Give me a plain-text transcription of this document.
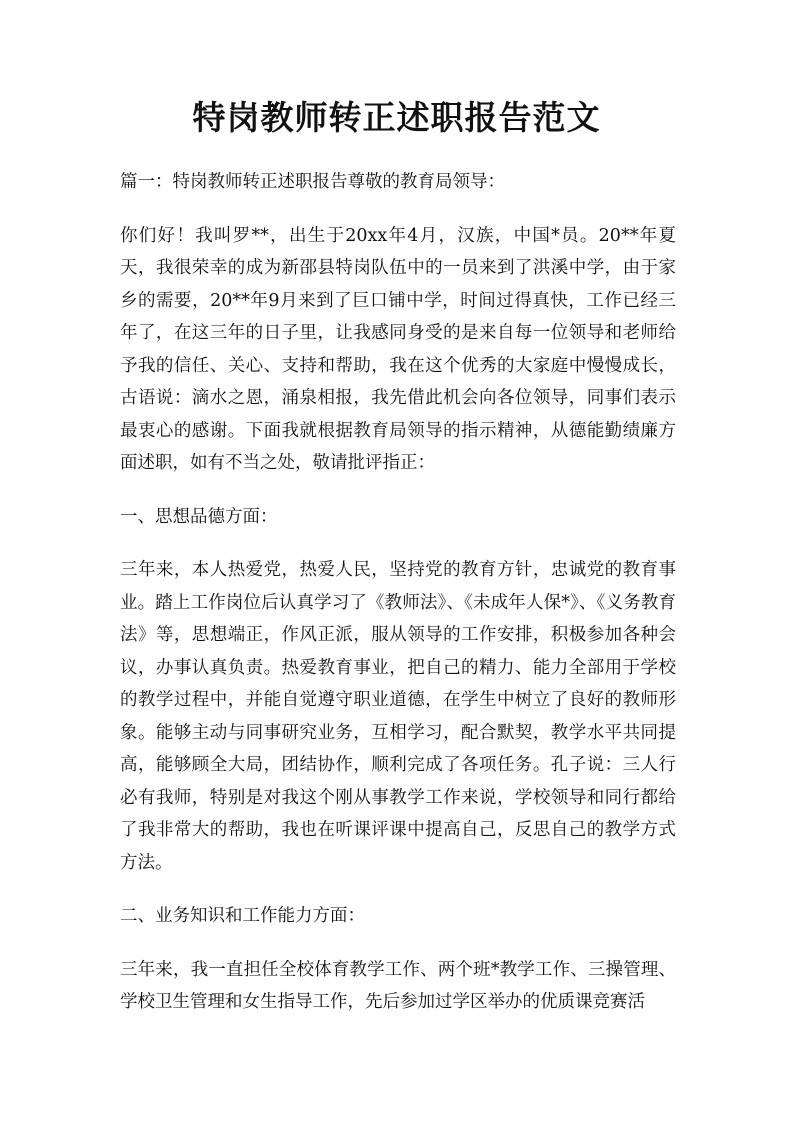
特岗教师转正述职报告范文

篇一：特岗教师转正述职报告尊敬的教育局领导：

你们好！我叫罗**，出生于20xx年4月，汉族，中国*员。20**年夏天，我很荣幸的成为新邵县特岗队伍中的一员来到了洪溪中学，由于家乡的需要，20**年9月来到了巨口铺中学，时间过得真快，工作已经三年了，在这三年的日子里，让我感同身受的是来自每一位领导和老师给予我的信任、关心、支持和帮助，我在这个优秀的大家庭中慢慢成长，古语说：滴水之恩，涌泉相报，我先借此机会向各位领导，同事们表示最衷心的感谢。下面我就根据教育局领导的指示精神，从德能勤绩廉方面述职，如有不当之处，敬请批评指正：

一、思想品德方面：

三年来，本人热爱党，热爱人民，坚持党的教育方针，忠诚党的教育事业。踏上工作岗位后认真学习了《教师法》、《未成年人保*》、《义务教育法》等，思想端正，作风正派，服从领导的工作安排，积极参加各种会议，办事认真负责。热爱教育事业，把自己的精力、能力全部用于学校的教学过程中，并能自觉遵守职业道德，在学生中树立了良好的教师形象。能够主动与同事研究业务，互相学习，配合默契，教学水平共同提高，能够顾全大局，团结协作，顺利完成了各项任务。孔子说：三人行必有我师，特别是对我这个刚从事教学工作来说，学校领导和同行都给了我非常大的帮助，我也在听课评课中提高自己，反思自己的教学方式方法。

二、业务知识和工作能力方面：

三年来，我一直担任全校体育教学工作、两个班*教学工作、三操管理、学校卫生管理和女生指导工作，先后参加过学区举办的优质课竞赛活
